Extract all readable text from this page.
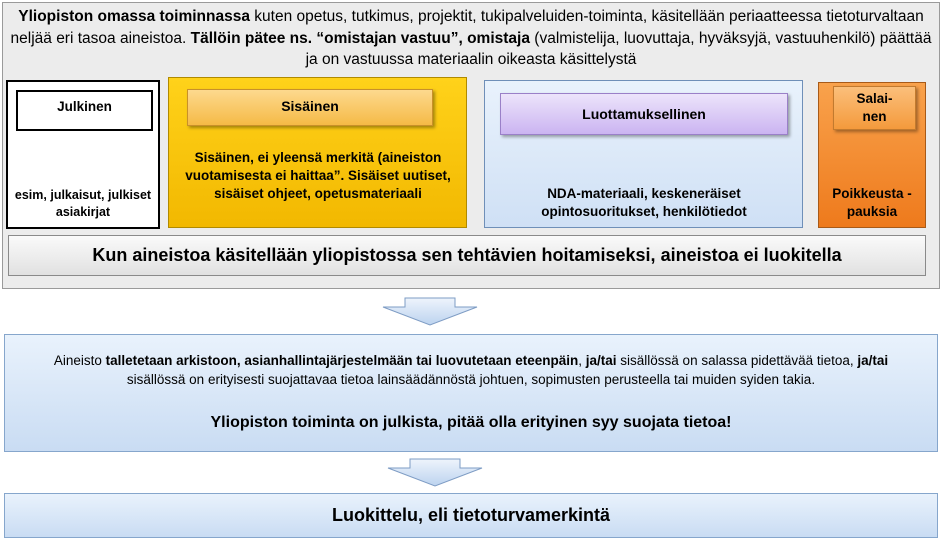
Yliopiston omassa toiminnassa kuten opetus, tutkimus, projektit, tukipalveluiden-toiminta, käsitellään periaatteessa tietoturvaltaan neljää eri tasoa aineistoa. Tällöin pätee ns. “omistajan vastuu”, omistaja (valmistelija, luovuttaja, hyväksyjä, vastuuhenkilö) päättää ja on vastuussa materiaalin oikeasta käsittelystä
Julkinen
esim, julkaisut, julkiset asiakirjat
Sisäinen
Sisäinen, ei yleensä merkitä (aineiston vuotamisesta ei haittaa”. Sisäiset uutiset, sisäiset ohjeet, opetusmateriaali
Luottamuksellinen
NDA-materiaali, keskeneräiset opintosuoritukset, henkilötiedot
Salai-
nen
Poikkeusta -pauksia
Kun aineistoa käsitellään yliopistossa sen tehtävien hoitamiseksi, aineistoa ei luokitella
Aineisto talletetaan arkistoon, asianhallintajärjestelmään tai luovutetaan eteenpäin, ja/tai sisällössä on salassa pidettävää tietoa, ja/tai sisällössä on erityisesti suojattavaa tietoa lainsäädännöstä johtuen, sopimusten perusteella tai muiden syiden takia.
Yliopiston toiminta on julkista, pitää olla erityinen syy suojata tietoa!
Luokittelu, eli tietoturvamerkintä
